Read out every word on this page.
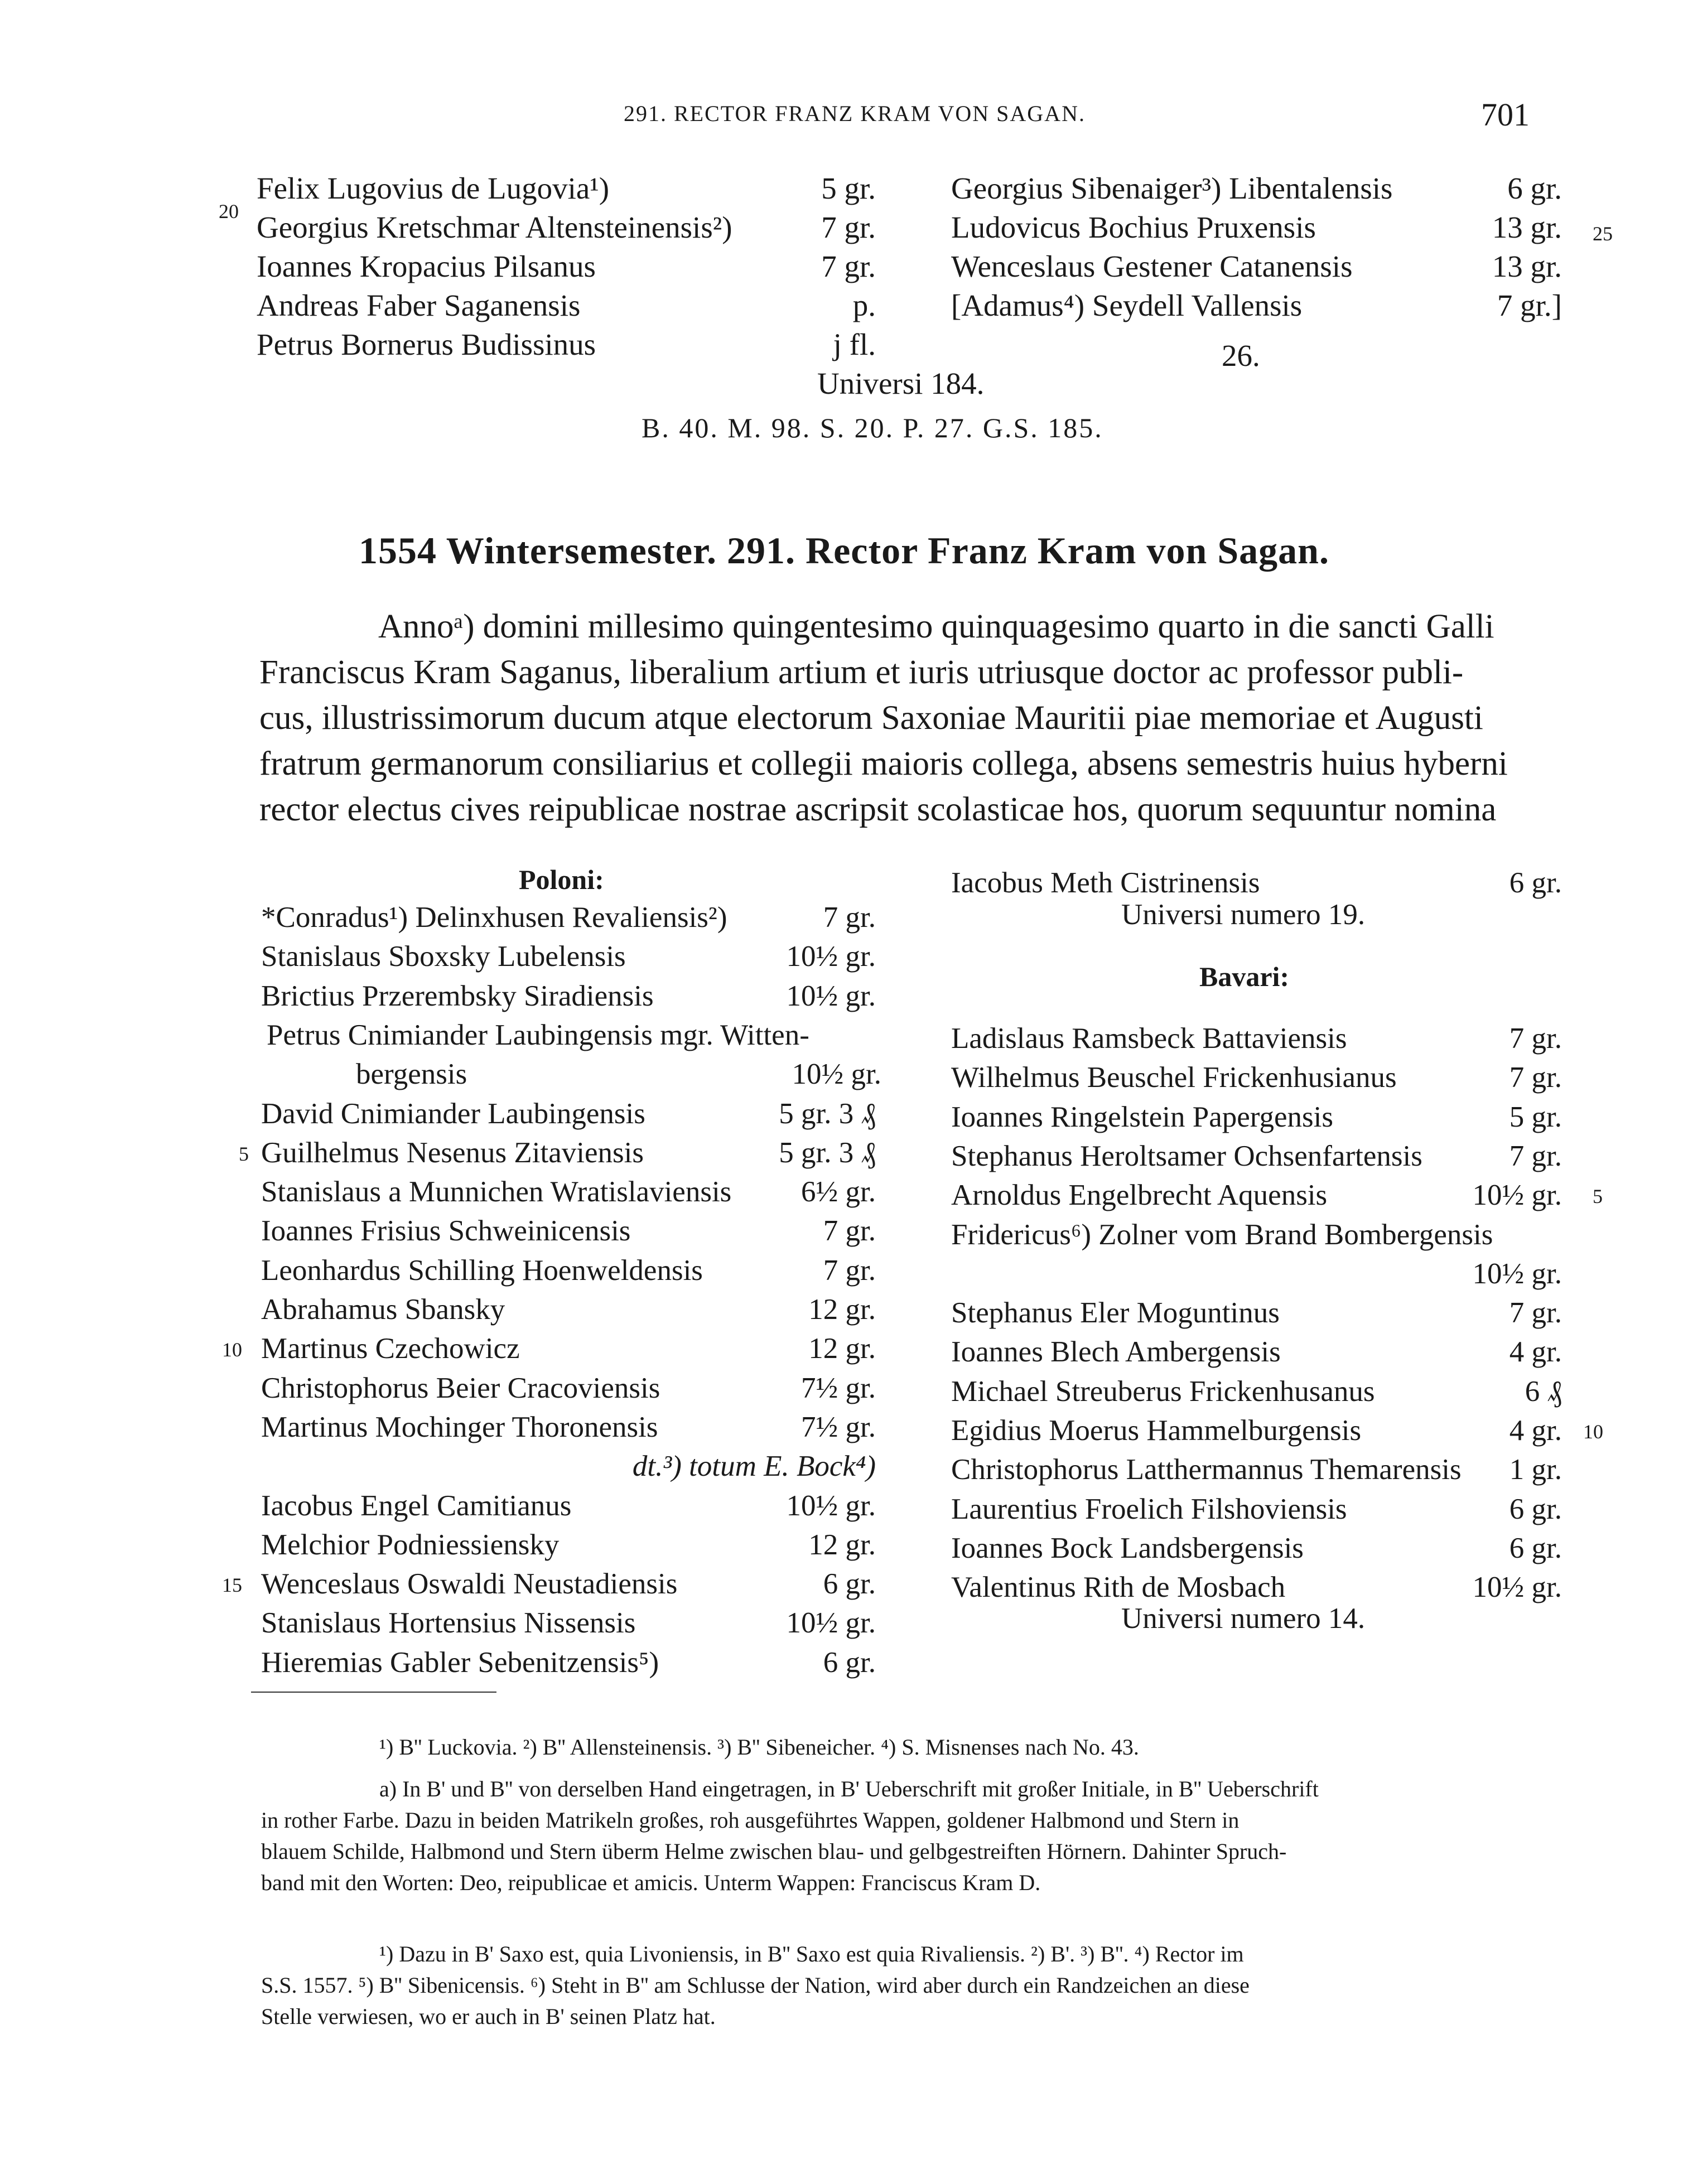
291. RECTOR FRANZ KRAM VON SAGAN.	701
Felix Lugovius de Lugovia¹)	5 gr.
Georgius Kretschmar Altensteinensis²)	7 gr.
Ioannes Kropacius Pilsanus	7 gr.
Andreas Faber Saganensis	p.
Petrus Bornerus Budissinus	j fl.
Georgius Sibenaiger³) Libentalensis	6 gr.
Ludovicus Bochius Pruxensis	13 gr.
Wenceslaus Gestener Catanensis	13 gr.
[Adamus⁴) Seydell Vallensis	7 gr.]
20
25
26.
Universi 184.
B. 40. M. 98. S. 20. P. 27. G.S. 185.
1554 Wintersemester. 291. Rector Franz Kram von Sagan.
Annoᵃ) domini millesimo quingentesimo quinquagesimo quarto in die sancti Galli
Franciscus Kram Saganus, liberalium artium et iuris utriusque doctor ac professor publi-
cus, illustrissimorum ducum atque electorum Saxoniae Mauritii piae memoriae et Augusti
fratrum germanorum consiliarius et collegii maioris collega, absens semestris huius hyberni
rector electus cives reipublicae nostrae ascripsit scolasticae hos, quorum sequuntur nomina
Poloni:
*Conradus¹) Delinxhusen Revaliensis²)	7 gr.
Stanislaus Sboxsky Lubelensis	10½ gr.
Brictius Przerembsky Siradiensis	10½ gr.
Petrus Cnimiander Laubingensis mgr. Witten-
bergensis	10½ gr.
David Cnimiander Laubingensis	5 gr. 3 ₰
Guilhelmus Nesenus Zitaviensis	5 gr. 3 ₰
Stanislaus a Munnichen Wratislaviensis 6½ gr.
Ioannes Frisius Schweinicensis	7 gr.
Leonhardus Schilling Hoenweldensis	7 gr.
Abrahamus Sbansky	12 gr.
Martinus Czechowicz	12 gr.
Christophorus Beier Cracoviensis	7½ gr.
Martinus Mochinger Thoronensis	7½ gr.
dt.³) totum E. Bock⁴)
Iacobus Engel Camitianus	10½ gr.
Melchior Podniessiensky	12 gr.
Wenceslaus Oswaldi Neustadiensis	6 gr.
Stanislaus Hortensius Nissensis	10½ gr.
Hieremias Gabler Sebenitzensis⁵)	6 gr.
5
10
15
Iacobus Meth Cistrinensis	6 gr.
Universi numero 19.
Bavari:
Ladislaus Ramsbeck Battaviensis	7 gr.
Wilhelmus Beuschel Frickenhusianus	7 gr.
Ioannes Ringelstein Papergensis	5 gr.
Stephanus Heroltsamer Ochsenfartensis	7 gr.
Arnoldus Engelbrecht Aquensis	10½ gr.
Fridericus⁶) Zolner vom Brand Bombergensis
10½ gr.
Stephanus Eler Moguntinus	7 gr.
Ioannes Blech Ambergensis	4 gr.
Michael Streuberus Frickenhusanus	6 ₰
Egidius Moerus Hammelburgensis	4 gr.
Christophorus Latthermannus Themarensis 1 gr.
Laurentius Froelich Filshoviensis	6 gr.
Ioannes Bock Landsbergensis	6 gr.
Valentinus Rith de Mosbach	10½ gr.
Universi numero 14.
5
10
¹) B'' Luckovia. ²) B'' Allensteinensis. ³) B'' Sibeneicher. ⁴) S. Misnenses nach No. 43.
a) In B' und B'' von derselben Hand eingetragen, in B' Ueberschrift mit großer Initiale, in B'' Ueberschrift
in rother Farbe. Dazu in beiden Matrikeln großes, roh ausgeführtes Wappen, goldener Halbmond und Stern in
blauem Schilde, Halbmond und Stern überm Helme zwischen blau- und gelbgestreiften Hörnern. Dahinter Spruch-
band mit den Worten: Deo, reipublicae et amicis. Unterm Wappen: Franciscus Kram D.
¹) Dazu in B' Saxo est, quia Livoniensis, in B'' Saxo est quia Rivaliensis. ²) B'. ³) B''. ⁴) Rector im
S.S. 1557. ⁵) B'' Sibenicensis. ⁶) Steht in B'' am Schlusse der Nation, wird aber durch ein Randzeichen an diese
Stelle verwiesen, wo er auch in B' seinen Platz hat.
